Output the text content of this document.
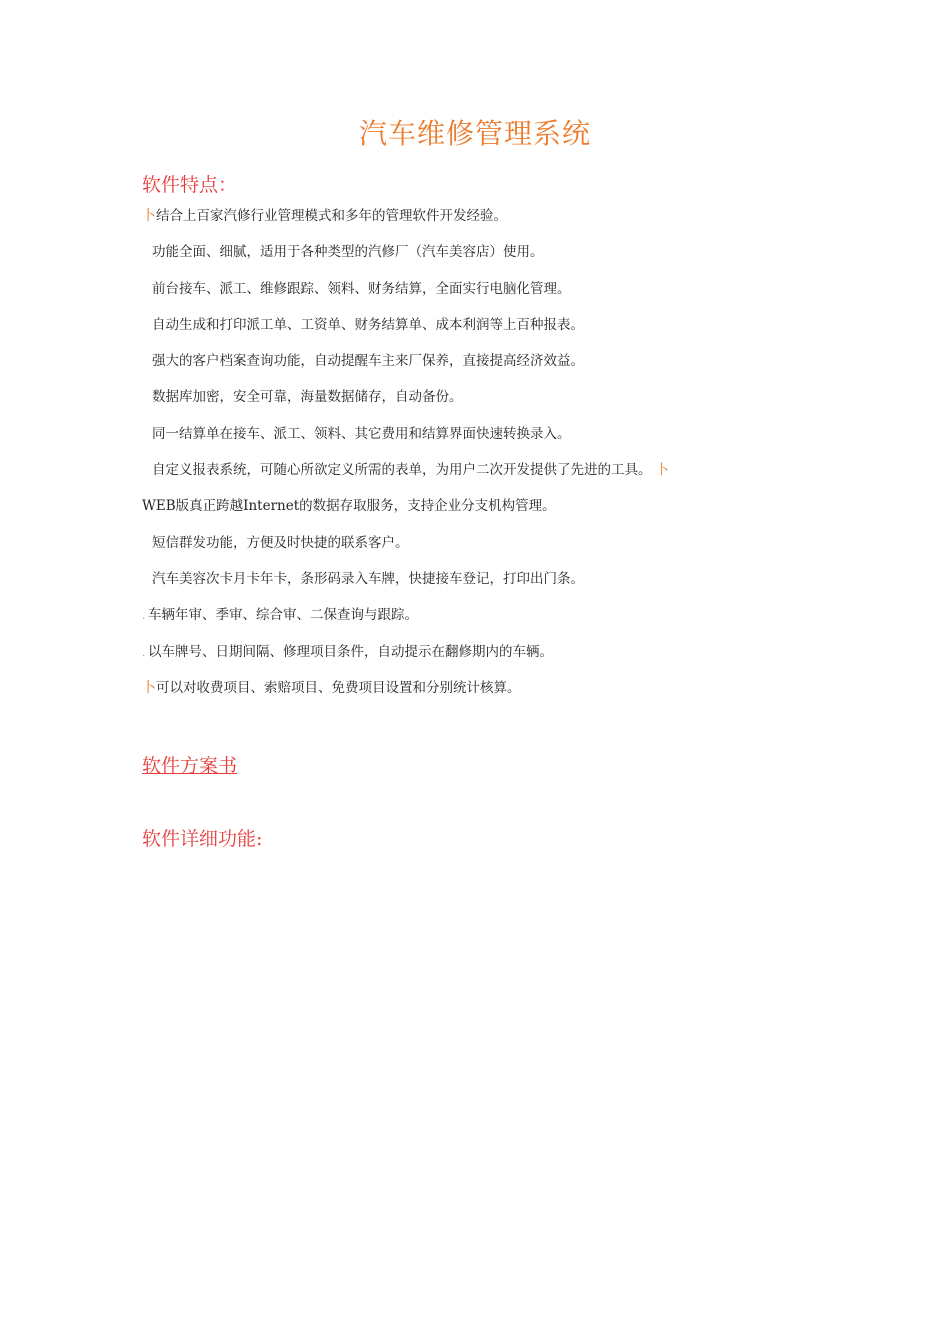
汽车维修管理系统
软件特点：
卜结合上百家汽修行业管理模式和多年的管理软件开发经验。
功能全面、细腻，适用于各种类型的汽修厂（汽车美容店）使用。
前台接车、派工、维修跟踪、领料、财务结算，全面实行电脑化管理。
自动生成和打印派工单、工资单、财务结算单、成本利润等上百种报表。
强大的客户档案查询功能，自动提醒车主来厂保养，直接提高经济效益。
数据库加密，安全可靠，海量数据储存，自动备份。
同一结算单在接车、派工、领料、其它费用和结算界面快速转换录入。
自定义报表系统，可随心所欲定义所需的表单，为用户二次开发提供了先进的工具。 卜
WEB版真正跨越Internet的数据存取服务，支持企业分支机构管理。
短信群发功能，方便及时快捷的联系客户。
汽车美容次卡月卡年卡，条形码录入车牌，快捷接车登记，打印出门条。
. 车辆年审、季审、综合审、二保查询与跟踪。
. 以车牌号、日期间隔、修理项目条件，自动提示在翻修期内的车辆。
卜可以对收费项目、索赔项目、免费项目设置和分别统计核算。
软件方案书
软件详细功能:
